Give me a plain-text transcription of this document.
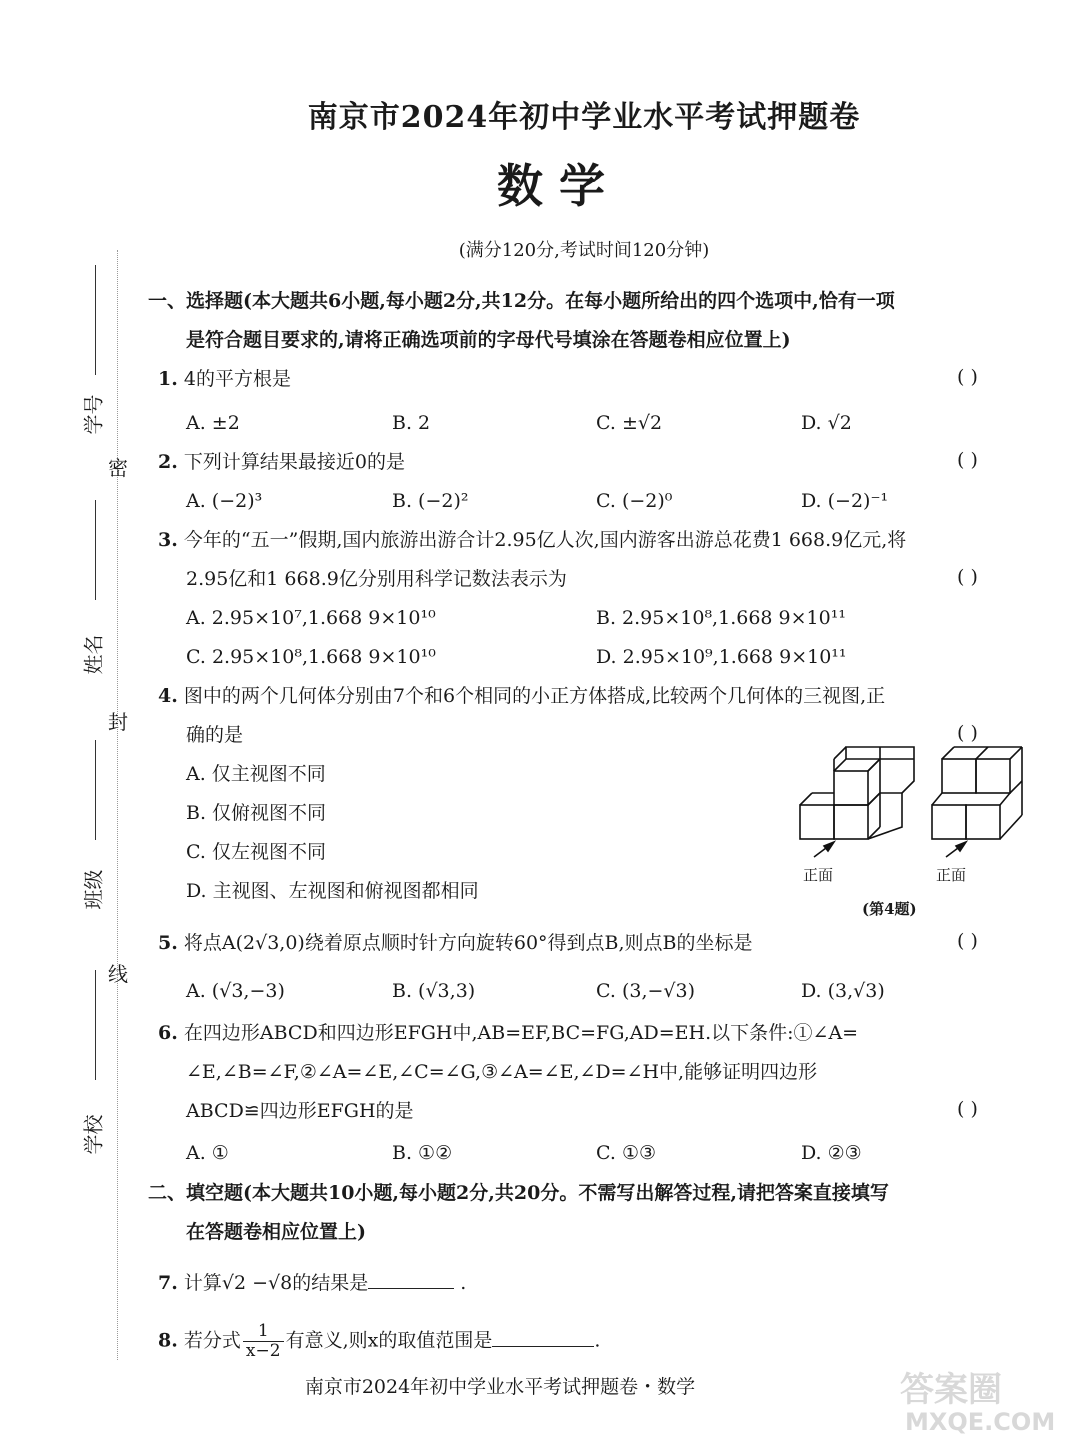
南京市2024年初中学业水平考试押题卷
数 学
(满分120分,考试时间120分钟)
学号
姓名
班级
学校
密
封
线
一、选择题(本大题共6小题,每小题2分,共12分。在每小题所给出的四个选项中,恰有一项
是符合题目要求的,请将正确选项前的字母代号填涂在答题卷相应位置上)
1. 4的平方根是	( )
A. ±2	B. 2	C. ±√2	D. √2
2. 下列计算结果最接近0的是	( )
A. (−2)³	B. (−2)²	C. (−2)⁰	D. (−2)⁻¹
3. 今年的“五一”假期,国内旅游出游合计2.95亿人次,国内游客出游总花费1 668.9亿元,将
2.95亿和1 668.9亿分别用科学记数法表示为	( )
A. 2.95×10⁷,1.668 9×10¹⁰	B. 2.95×10⁸,1.668 9×10¹¹
C. 2.95×10⁸,1.668 9×10¹⁰	D. 2.95×10⁹,1.668 9×10¹¹
4. 图中的两个几何体分别由7个和6个相同的小正方体搭成,比较两个几何体的三视图,正
确的是	( )
A. 仅主视图不同
B. 仅俯视图不同
C. 仅左视图不同
D. 主视图、左视图和俯视图都相同
正面	正面
(第4题)
5. 将点A(2√3,0)绕着原点顺时针方向旋转60°得到点B,则点B的坐标是	( )
A. (√3,−3)	B. (√3,3)	C. (3,−√3)	D. (3,√3)
6. 在四边形ABCD和四边形EFGH中,AB=EF,BC=FG,AD=EH.以下条件:①∠A=
∠E,∠B=∠F,②∠A=∠E,∠C=∠G,③∠A=∠E,∠D=∠H中,能够证明四边形
ABCD≌四边形EFGH的是	( )
A. ①	B. ①②	C. ①③	D. ②③
二、填空题(本大题共10小题,每小题2分,共20分。不需写出解答过程,请把答案直接填写
在答题卷相应位置上)
7. 计算√2 −√8的结果是	.
8. 若分式 $\frac{1}{x-2}$ 有意义,则x的取值范围是	.
南京市2024年初中学业水平考试押题卷・数学	答案圈
MXQE.COM
